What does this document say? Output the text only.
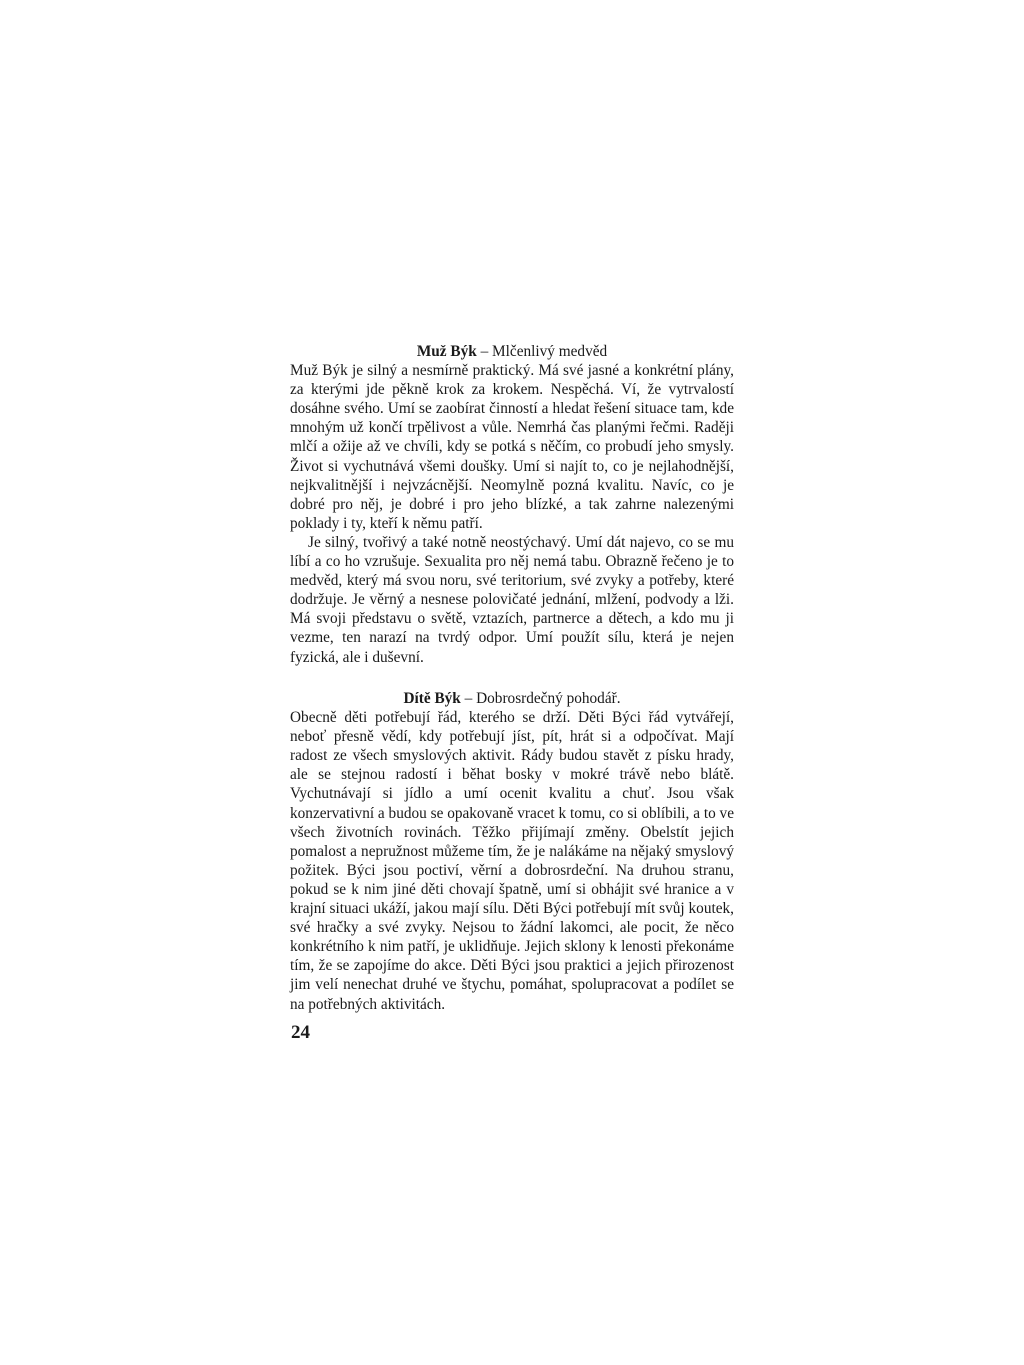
Muž Býk – Mlčenlivý medvěd

Muž Býk je silný a nesmírně praktický. Má své jasné a konkrétní plány, za kterými jde pěkně krok za krokem. Nespěchá. Ví, že vytrvalostí dosáhne svého. Umí se zaobírat činností a hledat řešení situace tam, kde mnohým už končí trpělivost a vůle. Nemrhá čas planými řečmi. Raději mlčí a ožije až ve chvíli, kdy se potká s něčím, co probudí jeho smysly. Život si vychutnává všemi doušky. Umí si najít to, co je nejlahodnější, nejkvalitnější i nejvzácnější. Neomylně pozná kvalitu. Navíc, co je dobré pro něj, je dobré i pro jeho blízké, a tak zahrne nalezenými poklady i ty, kteří k němu patří.

Je silný, tvořivý a také notně neostýchavý. Umí dát najevo, co se mu líbí a co ho vzrušuje. Sexualita pro něj nemá tabu. Obrazně řečeno je to medvěd, který má svou noru, své teritorium, své zvyky a potřeby, které dodržuje. Je věrný a nesnese polovičaté jednání, mlžení, podvody a lži. Má svoji představu o světě, vztazích, partnerce a dětech, a kdo mu ji vezme, ten narazí na tvrdý odpor. Umí použít sílu, která je nejen fyzická, ale i duševní.

Dítě Býk – Dobrosrdečný pohodář.

Obecně děti potřebují řád, kterého se drží. Děti Býci řád vytvářejí, neboť přesně vědí, kdy potřebují jíst, pít, hrát si a odpočívat. Mají radost ze všech smyslových aktivit. Rády budou stavět z písku hrady, ale se stejnou radostí i běhat bosky v mokré trávě nebo blátě. Vychutnávají si jídlo a umí ocenit kvalitu a chuť. Jsou však konzervativní a budou se opakovaně vracet k tomu, co si oblíbili, a to ve všech životních rovinách. Těžko přijímají změny. Obelstít jejich pomalost a nepružnost můžeme tím, že je nalákáme na nějaký smyslový požitek. Býci jsou poctiví, věrní a dobrosrdeční. Na druhou stranu, pokud se k nim jiné děti chovají špatně, umí si obhájit své hranice a v krajní situaci ukáží, jakou mají sílu. Děti Býci potřebují mít svůj koutek, své hračky a své zvyky. Nejsou to žádní lakomci, ale pocit, že něco konkrétního k nim patří, je uklidňuje. Jejich sklony k lenosti překonáme tím, že se zapojíme do akce. Děti Býci jsou praktici a jejich přirozenost jim velí nenechat druhé ve štychu, pomáhat, spolupracovat a podílet se na potřebných aktivitách.

24
